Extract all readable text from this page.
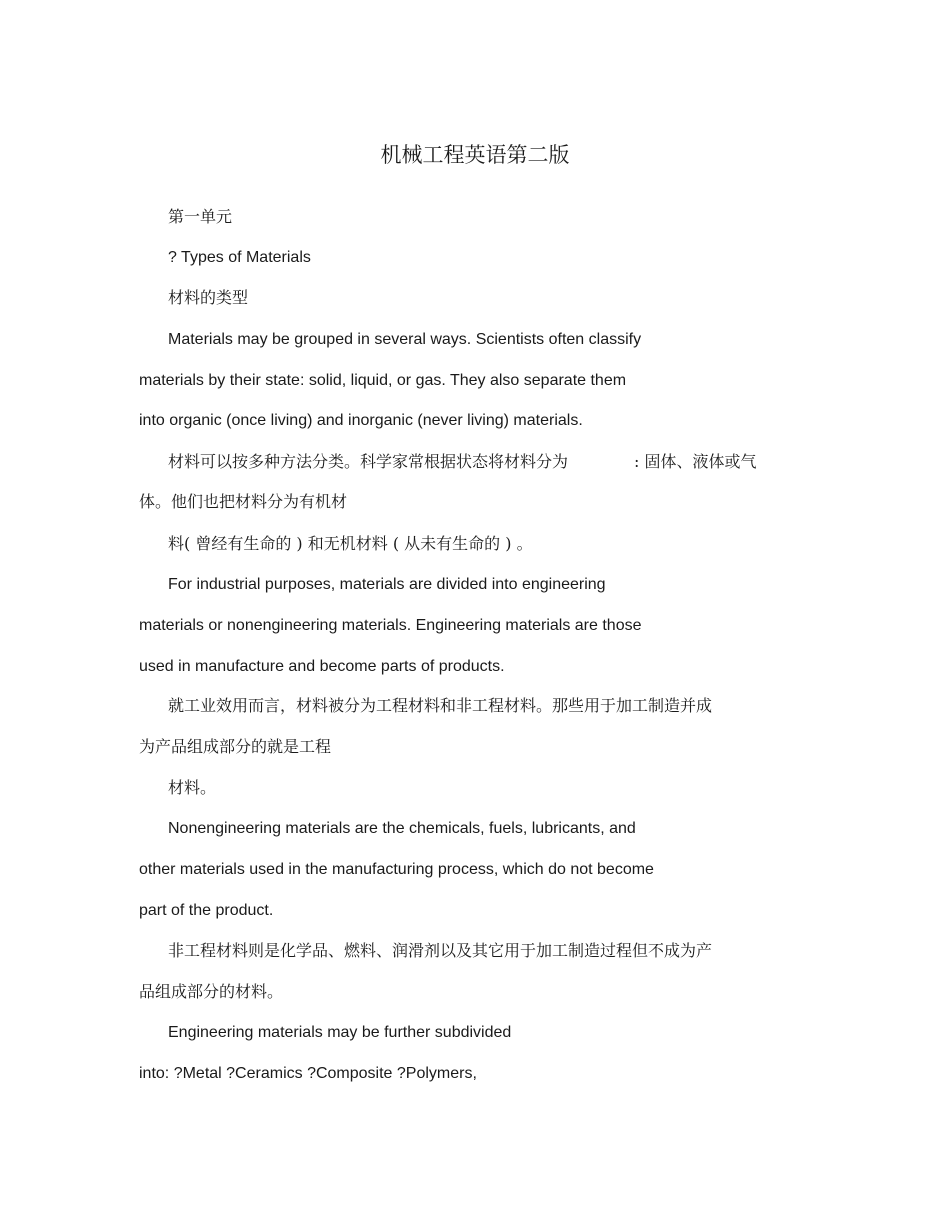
机械工程英语第二版
第一单元
? Types of Materials
材料的类型
Materials may be grouped in several ways. Scientists often classify
materials by their state: solid, liquid, or gas. They also separate them
into organic (once living) and inorganic (never living) materials.
材料可以按多种方法分类。科学家常根据状态将材料分为	: 固体、液体或气
体。他们也把材料分为有机材
料( 曾经有生命的 ) 和无机材料 ( 从未有生命的 ) 。
For industrial purposes, materials are divided into engineering
materials or nonengineering materials. Engineering materials are those
used in manufacture and become parts of products.
就工业效用而言，材料被分为工程材料和非工程材料。那些用于加工制造并成
为产品组成部分的就是工程
材料。
Nonengineering materials are the chemicals, fuels, lubricants, and
other materials used in the manufacturing process, which do not become
part of the product.
非工程材料则是化学品、燃料、润滑剂以及其它用于加工制造过程但不成为产
品组成部分的材料。
Engineering materials may be further subdivided
into: ?Metal ?Ceramics ?Composite ?Polymers,
